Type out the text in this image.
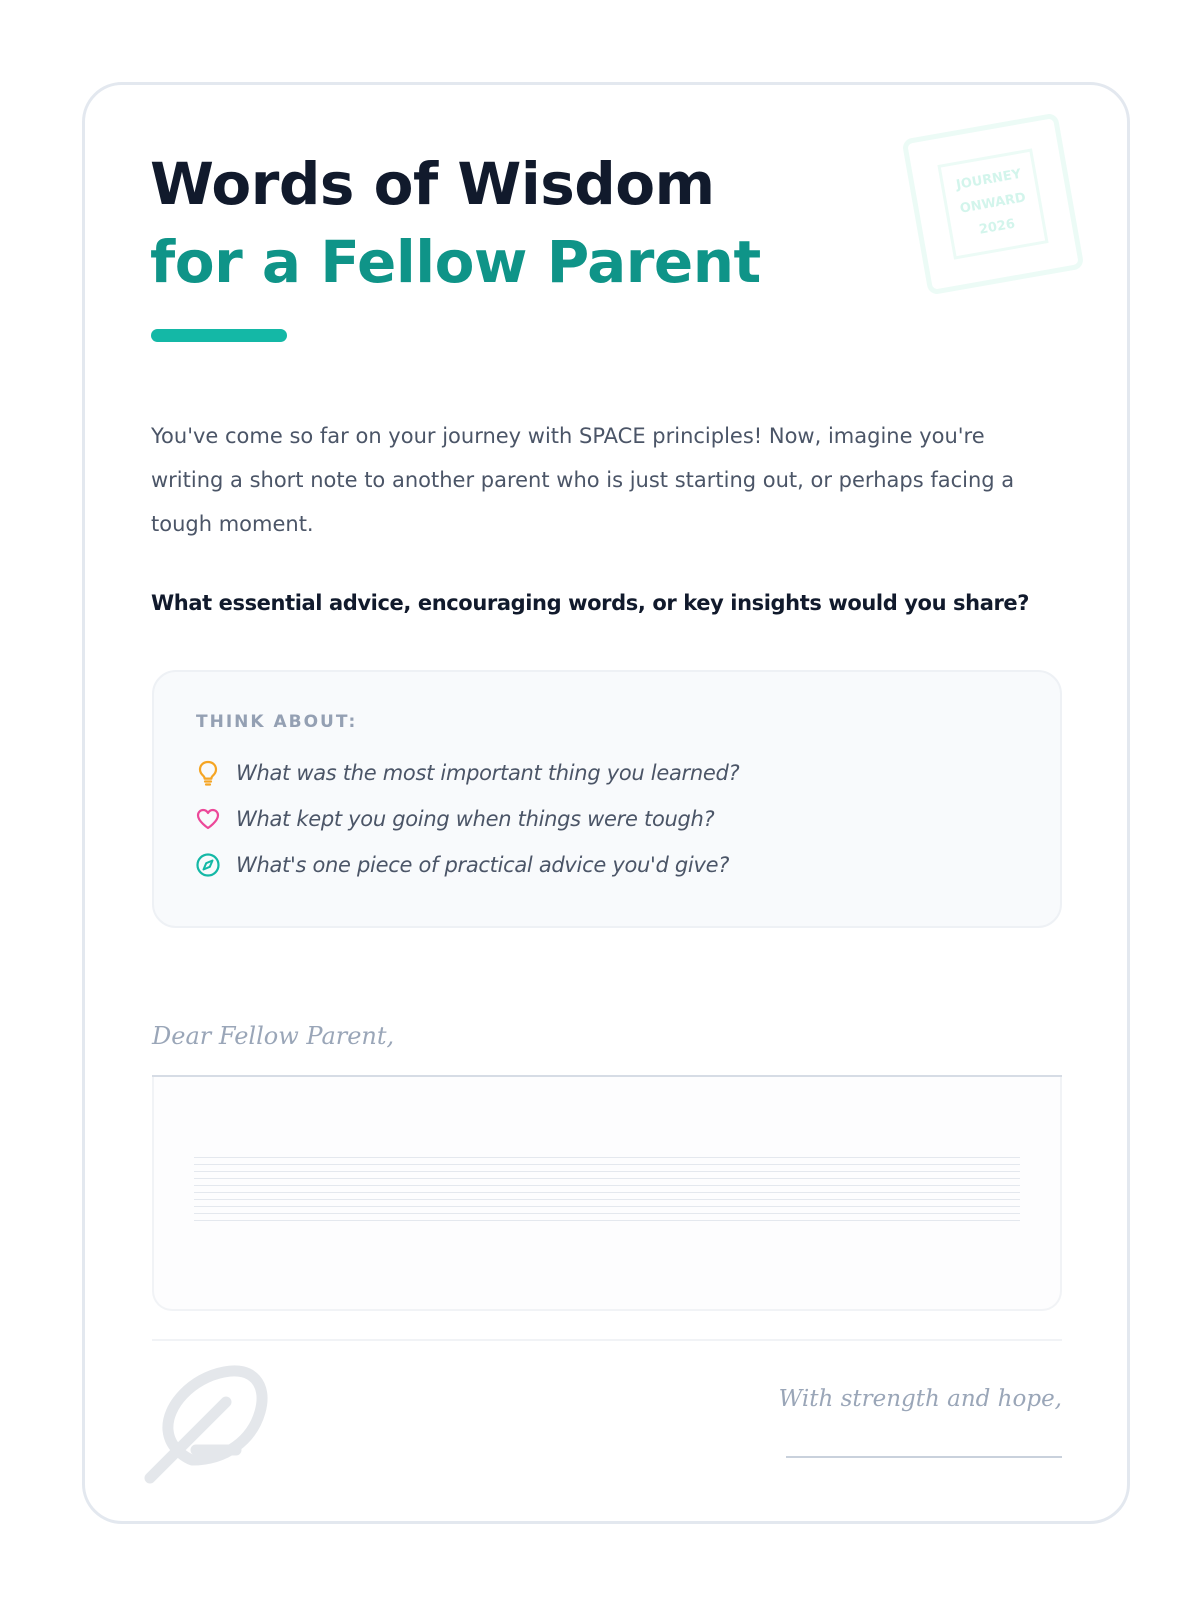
Words of Wisdom
for a Fellow Parent
JOURNEY
ONWARD
2026
You've come so far on your journey with SPACE principles! Now, imagine you're writing a short note to another parent who is just starting out, or perhaps facing a tough moment.
What essential advice, encouraging words, or key insights would you share?
THINK ABOUT:
What was the most important thing you learned?
What kept you going when things were tough?
What's one piece of practical advice you'd give?
Dear Fellow Parent,
With strength and hope,
